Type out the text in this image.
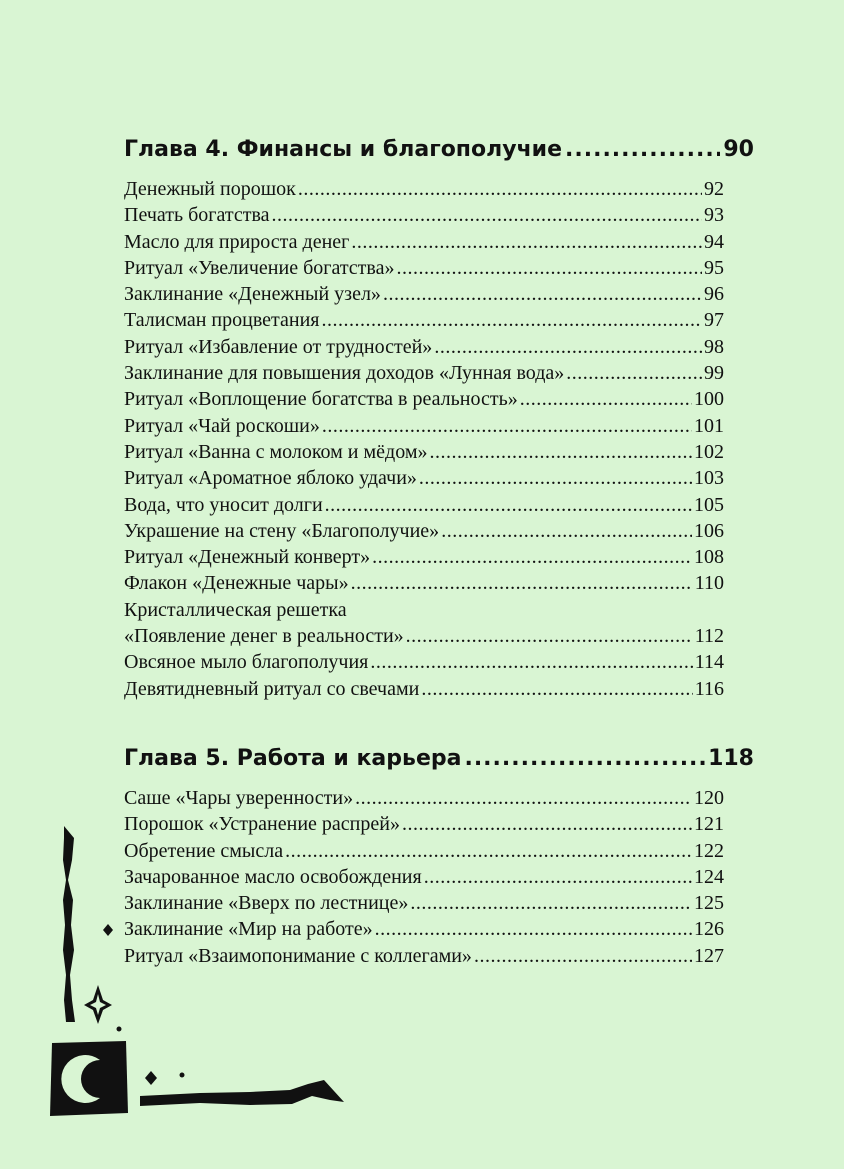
Глава 4. Финансы и благополучие .....	90
Денежный порошок .....	92
Печать богатства .....	93
Масло для прироста денег .....	94
Ритуал «Увеличение богатства» .....	95
Заклинание «Денежный узел» .....	96
Талисман процветания .....	97
Ритуал «Избавление от трудностей» .....	98
Заклинание для повышения доходов «Лунная вода» .....	99
Ритуал «Воплощение богатства в реальность» .....	100
Ритуал «Чай роскоши» .....	101
Ритуал «Ванна с молоком и мёдом» .....	102
Ритуал «Ароматное яблоко удачи» .....	103
Вода, что уносит долги .....	105
Украшение на стену «Благополучие» .....	106
Ритуал «Денежный конверт» .....	108
Флакон «Денежные чары» .....	110
Кристаллическая решетка
«Появление денег в реальности» .....	112
Овсяное мыло благополучия .....	114
Девятидневный ритуал со свечами .....	116
Глава 5. Работа и карьера .....	118
Саше «Чары уверенности» .....	120
Порошок «Устранение распрей» .....	121
Обретение смысла .....	122
Зачарованное масло освобождения .....	124
Заклинание «Вверх по лестнице» .....	125
Заклинание «Мир на работе» .....	126
Ритуал «Взаимопонимание с коллегами» .....	127
